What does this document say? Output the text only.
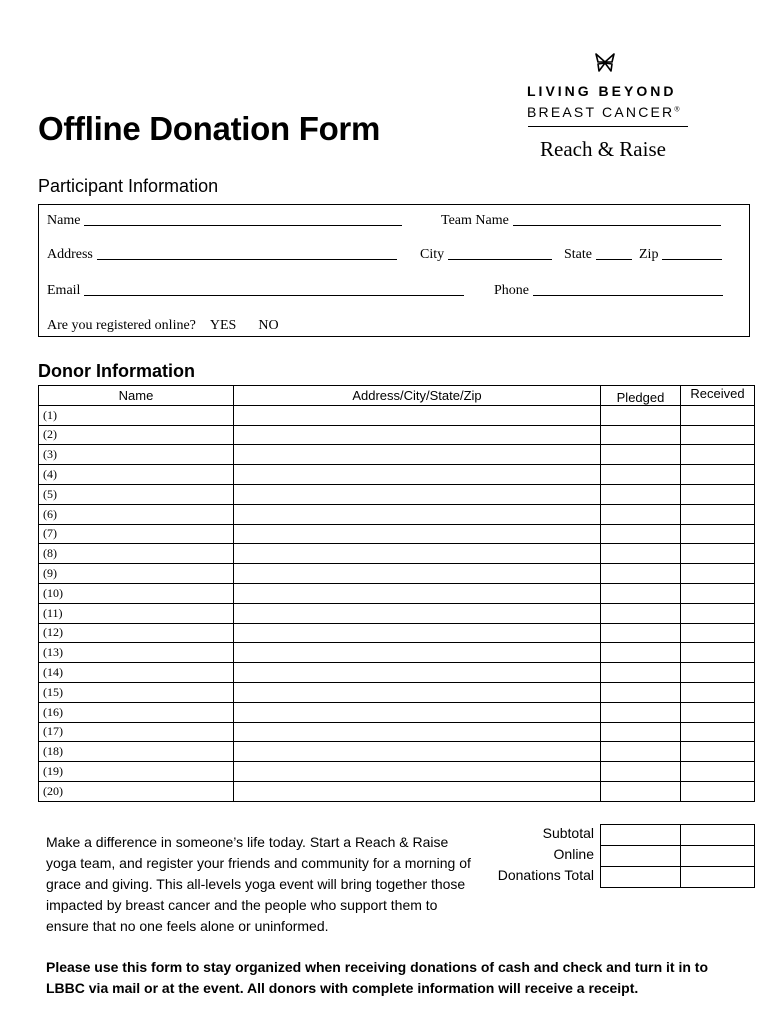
Offline Donation Form
LIVING BEYOND
BREAST CANCER®
Reach & Raise
Participant Information
Name	Team Name
Address	City	State	Zip
Email	Phone
Are you registered online? YES NO
Donor Information
Name	Address/City/State/Zip	Pledged	Received
(1)			
(2)			
(3)			
(4)			
(5)			
(6)			
(7)			
(8)			
(9)			
(10)			
(11)			
(12)			
(13)			
(14)			
(15)			
(16)			
(17)			
(18)			
(19)			
(20)			
Subtotal
Online
Donations Total

Make a difference in someone’s life today. Start a Reach & Raise yoga team, and register your friends and community for a morning of grace and giving. This all-levels yoga event will bring together those impacted by breast cancer and the people who support them to ensure that no one feels alone or uninformed.
Please use this form to stay organized when receiving donations of cash and check and turn it in to LBBC via mail or at the event. All donors with complete information will receive a receipt.
